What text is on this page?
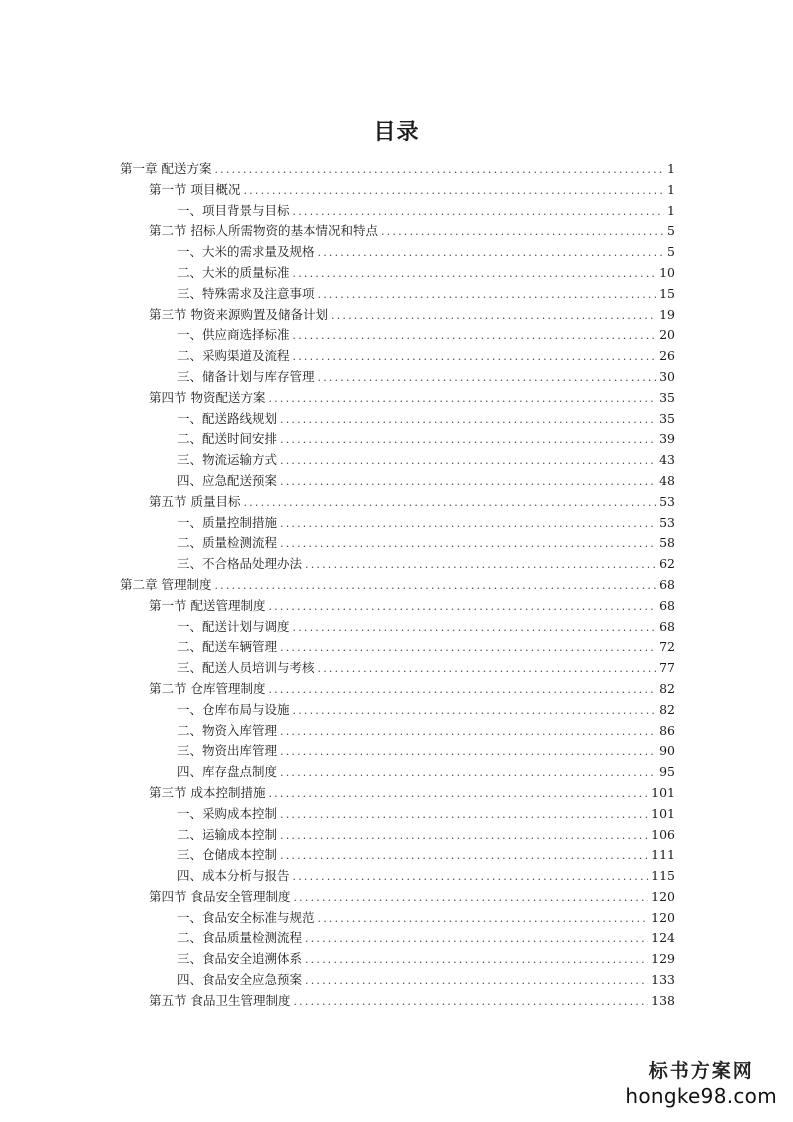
目录
第一章 配送方案 .....	1
第一节 项目概况 .....	1
一、项目背景与目标 .....	1
第二节 招标人所需物资的基本情况和特点 .....	5
一、大米的需求量及规格 .....	5
二、大米的质量标准 .....	10
三、特殊需求及注意事项 .....	15
第三节 物资来源购置及储备计划 .....	19
一、供应商选择标准 .....	20
二、采购渠道及流程 .....	26
三、储备计划与库存管理 .....	30
第四节 物资配送方案 .....	35
一、配送路线规划 .....	35
二、配送时间安排 .....	39
三、物流运输方式 .....	43
四、应急配送预案 .....	48
第五节 质量目标 .....	53
一、质量控制措施 .....	53
二、质量检测流程 .....	58
三、不合格品处理办法 .....	62
第二章 管理制度 .....	68
第一节 配送管理制度 .....	68
一、配送计划与调度 .....	68
二、配送车辆管理 .....	72
三、配送人员培训与考核 .....	77
第二节 仓库管理制度 .....	82
一、仓库布局与设施 .....	82
二、物资入库管理 .....	86
三、物资出库管理 .....	90
四、库存盘点制度 .....	95
第三节 成本控制措施 .....	101
一、采购成本控制 .....	101
二、运输成本控制 .....	106
三、仓储成本控制 .....	111
四、成本分析与报告 .....	115
第四节 食品安全管理制度 .....	120
一、食品安全标准与规范 .....	120
二、食品质量检测流程 .....	124
三、食品安全追溯体系 .....	129
四、食品安全应急预案 .....	133
第五节 食品卫生管理制度 .....	138
标书方案网
hongke98.com
